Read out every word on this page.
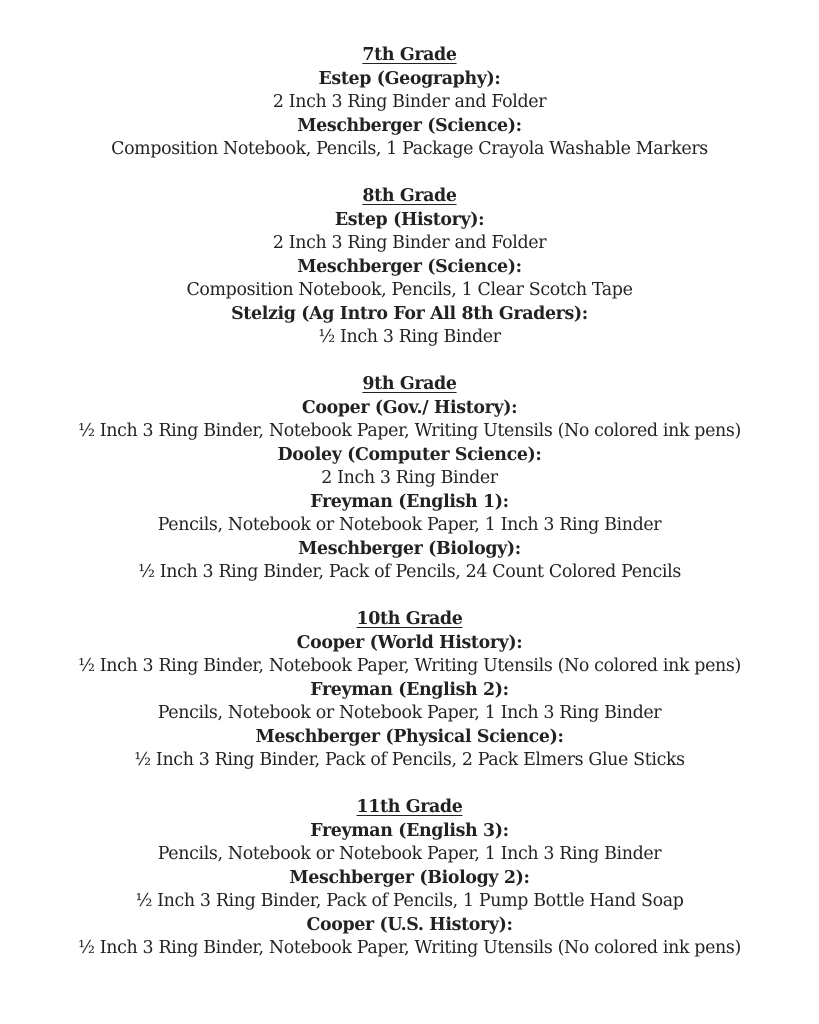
7th Grade
Estep (Geography):
2 Inch 3 Ring Binder and Folder
Meschberger (Science):
Composition Notebook, Pencils, 1 Package Crayola Washable Markers
8th Grade
Estep (History):
2 Inch 3 Ring Binder and Folder
Meschberger (Science):
Composition Notebook, Pencils, 1 Clear Scotch Tape
Stelzig (Ag Intro For All 8th Graders):
½ Inch 3 Ring Binder
9th Grade
Cooper (Gov./ History):
½ Inch 3 Ring Binder, Notebook Paper, Writing Utensils (No colored ink pens)
Dooley (Computer Science):
2 Inch 3 Ring Binder
Freyman (English 1):
Pencils, Notebook or Notebook Paper, 1 Inch 3 Ring Binder
Meschberger (Biology):
½ Inch 3 Ring Binder, Pack of Pencils, 24 Count Colored Pencils
10th Grade
Cooper (World History):
½ Inch 3 Ring Binder, Notebook Paper, Writing Utensils (No colored ink pens)
Freyman (English 2):
Pencils, Notebook or Notebook Paper, 1 Inch 3 Ring Binder
Meschberger (Physical Science):
½ Inch 3 Ring Binder, Pack of Pencils, 2 Pack Elmers Glue Sticks
11th Grade
Freyman (English 3):
Pencils, Notebook or Notebook Paper, 1 Inch 3 Ring Binder
Meschberger (Biology 2):
½ Inch 3 Ring Binder, Pack of Pencils, 1 Pump Bottle Hand Soap
Cooper (U.S. History):
½ Inch 3 Ring Binder, Notebook Paper, Writing Utensils (No colored ink pens)
